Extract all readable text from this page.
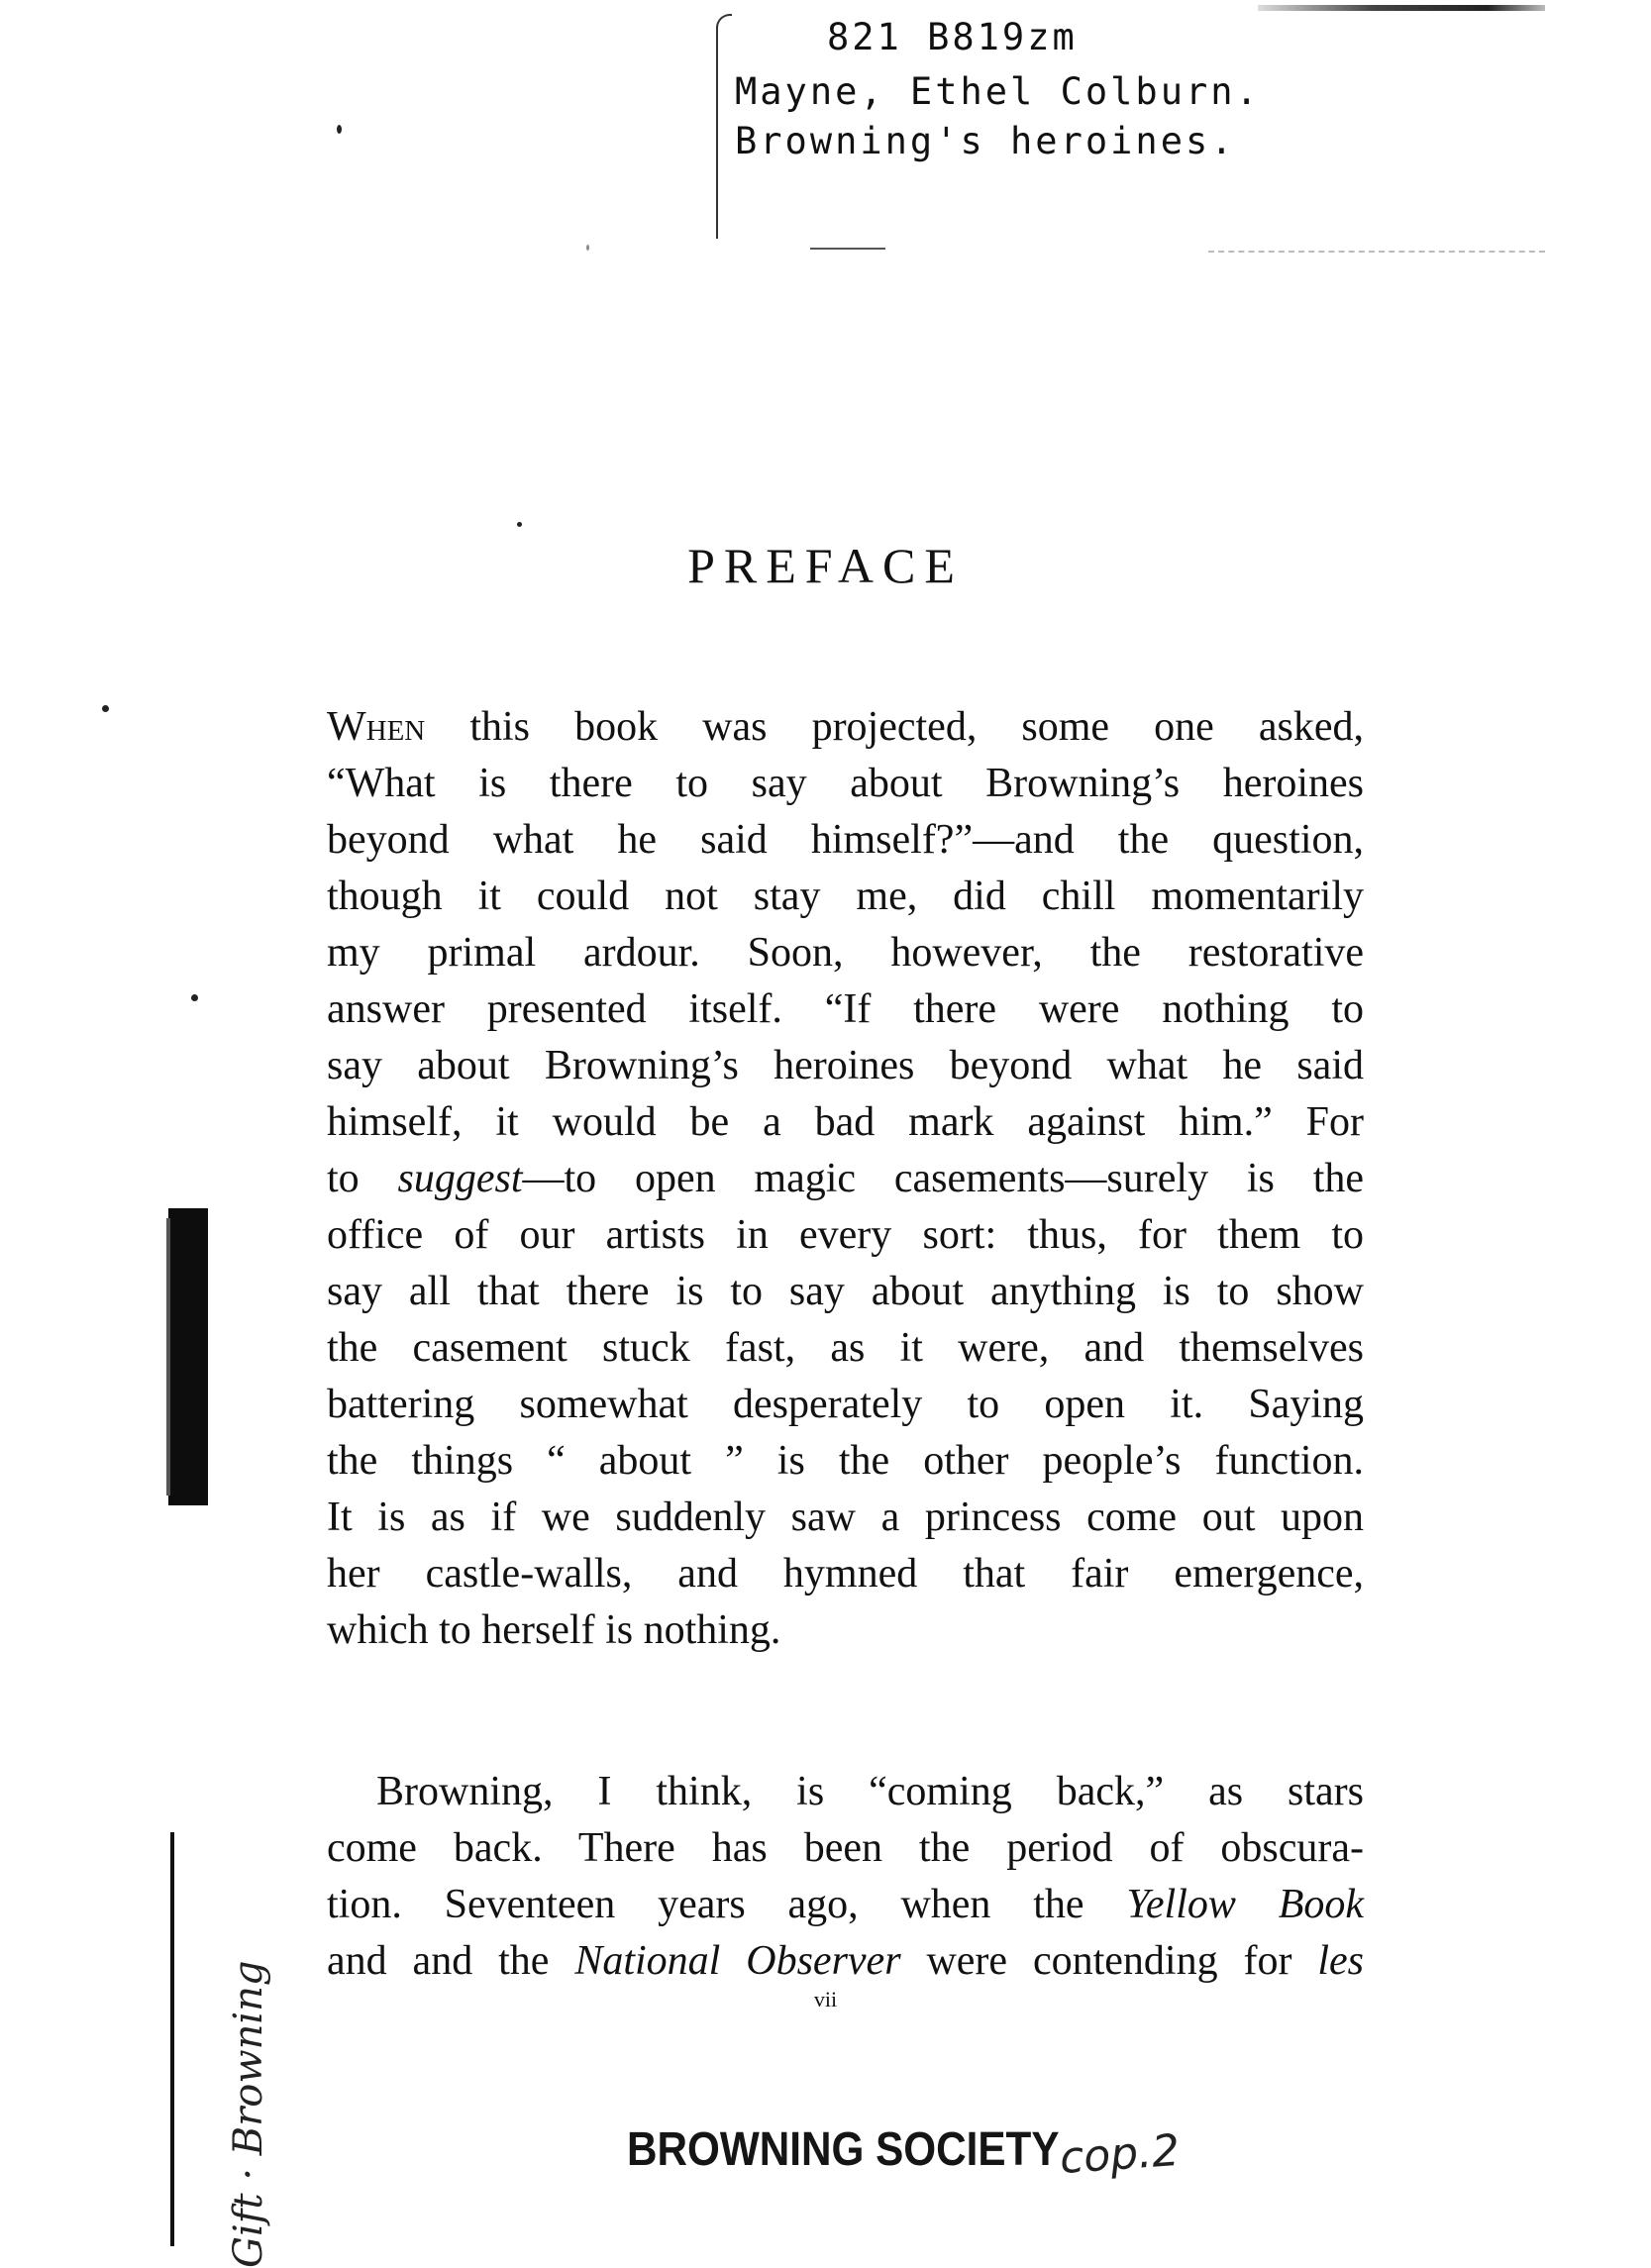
821 B819zm
Mayne, Ethel Colburn.
Browning's heroines.
PREFACE
When this book was projected, some one asked,
“What is there to say about Browning’s heroines
beyond what he said himself?”—and the question,
though it could not stay me, did chill momentarily
my primal ardour. Soon, however, the restorative
answer presented itself. “If there were nothing to
say about Browning’s heroines beyond what he said
himself, it would be a bad mark against him.” For
to suggest—to open magic casements—surely is the
office of our artists in every sort: thus, for them to
say all that there is to say about anything is to show
the casement stuck fast, as it were, and themselves
battering somewhat desperately to open it. Saying
the things “ about ” is the other people’s function.
It is as if we suddenly saw a princess come out upon
her castle-walls, and hymned that fair emergence,
which to herself is nothing.
Browning, I think, is “coming back,” as stars
come back. There has been the period of obscura-
tion. Seventeen years ago, when the Yellow Book
and and the National Observer were contending for les
vii
BROWNING SOCIETY
cop.2
Gift · Browning
